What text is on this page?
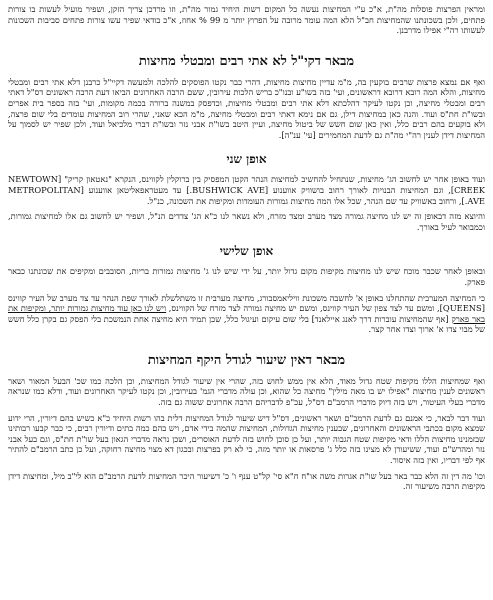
ומראין הפרצות פוסלות מה"ת, א"כ ע"י המחיצות נעשה כל המקום רשות היחיד גמור מה"ת, וזו מרדכן צריך הזקן, ושפיר מועיל לעשות בו צורות פתחים, ולכן בשכונתנו שהמחיצות חב"ל הלא המה עומד מרובה על הפרוץ יותר מ 99 % אחוז, א"כ בודאי שפיר עשו צורות פתחים סביבות השכונות לעשותו רה"י אפילו מדרבנן.

מבאר דקי"ל לא אתי רבים ומבטלי מחיצות

ואף אם נמצא פרצות שרבים בוקעין בה, מ"מ עדיין מחיצות מחיצות, דהרי כבר נקטו הפוסקים להלכה ולמעשה דקיי"ל כרבנן דלא אתי רבים ומבטלי מחיצות, והלא המה רובא דרובא דראשונים, ועי' בזה בשו"ע ובנו"כ בריש הלכות עירובין, ששם הרבה האחרונים הביאו דעת הרבה ראשונים דס"ל דאתי רבים ומבטלי מחיצה, וכן נקטו לעיקר דהלכתא דלא אתי רבים ומבטלי מחיצות, וכדפסק במשנה ברורה בכמה מקומות, ועי' בזה בספר בית אפרים ובשו"ת חת"ס ועוד. והנה כאן במחיצות דילן, גם אם נימא דאתי רבים ומבטלי מחיצה, מ"מ הכא שאני, שהרי רוב המחיצות עומדים בלי שום פרצה, ולא בוקעים בהם רבים כלל, ואין כאן שום חשש של ביטול מחיצה, ועיין היטב בשו"ת אבני נזר ובשו"ת דברי מלכיאל ועוד, ולכן שפיר יש לסמוך על המחיצות דידן לענין רה"י מה"ת גם לדעת המחמירים [עי' ענ"ה].

אופן שני

ועוד באופן אחר יש לחשוב הג' מחיצות, שנתחיל להחשיב למחיצות הנהר הקטן המפסיק בין ברוקלין לקווינס, הנקרא "נאטאון קריק" [NEWTOWN CREEK], וגם המחיצות הבנויות לאורך רחוב בושוויק אווענוע [BUSHWICK AVE.] עד מעטראפאליטאן אווענוע [METROPOLITAN AVE.], ורחוב באשוויק עד שם הנהר, שכל אלו המה מחיצות גמורות העומדות ומקיפות את השכונה, כנ"ל.

והיוצא מזה דבאופן זה יש לנו מחיצה גמורה מצד מערב ומצד מזרח, ולא נשאר לנו כ"א הג' צדדים הנ"ל, ושפיר יש לחשוב גם אלו למחיצות גמורות, וכמבואר לעיל באורך.

אופן שלישי

ובאופן לאחר שכבר מוכח שיש לנו מחיצות מקיפות מקום גדול יותר, על ידי שיש לנו ג' מחיצות גמורות בריות, הסובבים ומקיפים את שכונתנו כבאר פארק.

כי המחיצה המערבית שהתחלנו באופן א' לחשבה משכונת וויליאמסבורג, מחיצה מערבית זו משתלשלת לאורך שפת הנהר עד צד מערב של העיר קווינס [QUEENS], ומשם עד לצד צפון של העיר קווינס, ומשם יש מחיצה גמורה לצד מזרח של הקווינס, ויש לנו כאן עוד מחיצות גמורות יותר, ומקיפות את באר פארק [אף שהמחיצות עוברות דרך לאנג איילאנד] בלי שום עיקום ועיגול כלל, שכן תמיד היא מחיצה אחת הנמשכת בלי הפסק גם בקרן כלל חשש של מבוי צדו א' ארוך וצדו אחר קצר.

מבאר דאין שיעור לגודל היקף המחיצות

ואף שמחיצות הללו מקיפות שטח גדול מאוד, הלא אין ממש לחוש בזה, שהרי אין שיעור לגודל המחיצות, וכן הלכה כמו שכ' הבעל המאור ושאר ראשונים לענין מחיצות "אפילו יש בו מאה מילין" מחיצה כל שהוא, וכן עולה מדברי הגמ' בעירובין, וכן נקטו לעיקר האחרונים ועוד, ודלא כמו שנראה מדברי בעלי העיטור, ויש בזה דיוק מדברי הרמב"ם דס"ל, עכ"פ לדבריהם הרבה אחרונים ששוה גם בזה.

ועוד דבר לבאר, כי אמנם גם לדעת הרמב"ם ושאר ראשונים, דס"ל דיש שיעור לגודל המחיצות דלית בהו רשות היחיד כ"א כשיש בהם דיורין, הרי ידוע שמצא מקום בכתבי הראשונים והאחרונים, שבענין מחיצות הגדולות, המחיצות שהמה בידי אדם, ויש בהם כמה בתים ודיורין רבים, כי כבר קבעו רבותינו שבזמנינו מחיצות הללו ודאי מקיפות שטח הגבוה יותר, ועל כן סוכן לחוש בזה לדעת האוסרים, ושכן נראה מדברי הגאון בעל שו"ת חת"ס, וגם בעל אבני נזר ומהרש"ם ועוד, ששיעורן לא מצינו בזה כלל ג' פרסאות או יותר מזה, כי לא רק בפרצות ובכגון דא מצוי מחיצה רחוקה, ועל כן כתב הרמב"ם להתיר אף לפי דבריו, ואין בזה איסור.

וכו' מה דין זה הלא כבר באר בעל שו"ת אגרות משה או"ח ח"א סי' קל"ט ענף ו' כ' דשיעור היכר המחיצות לדעת הרמב"ם הוא לי"ב מיל, ומחיצות דידן מקיפות הרבה משיעור זה.
